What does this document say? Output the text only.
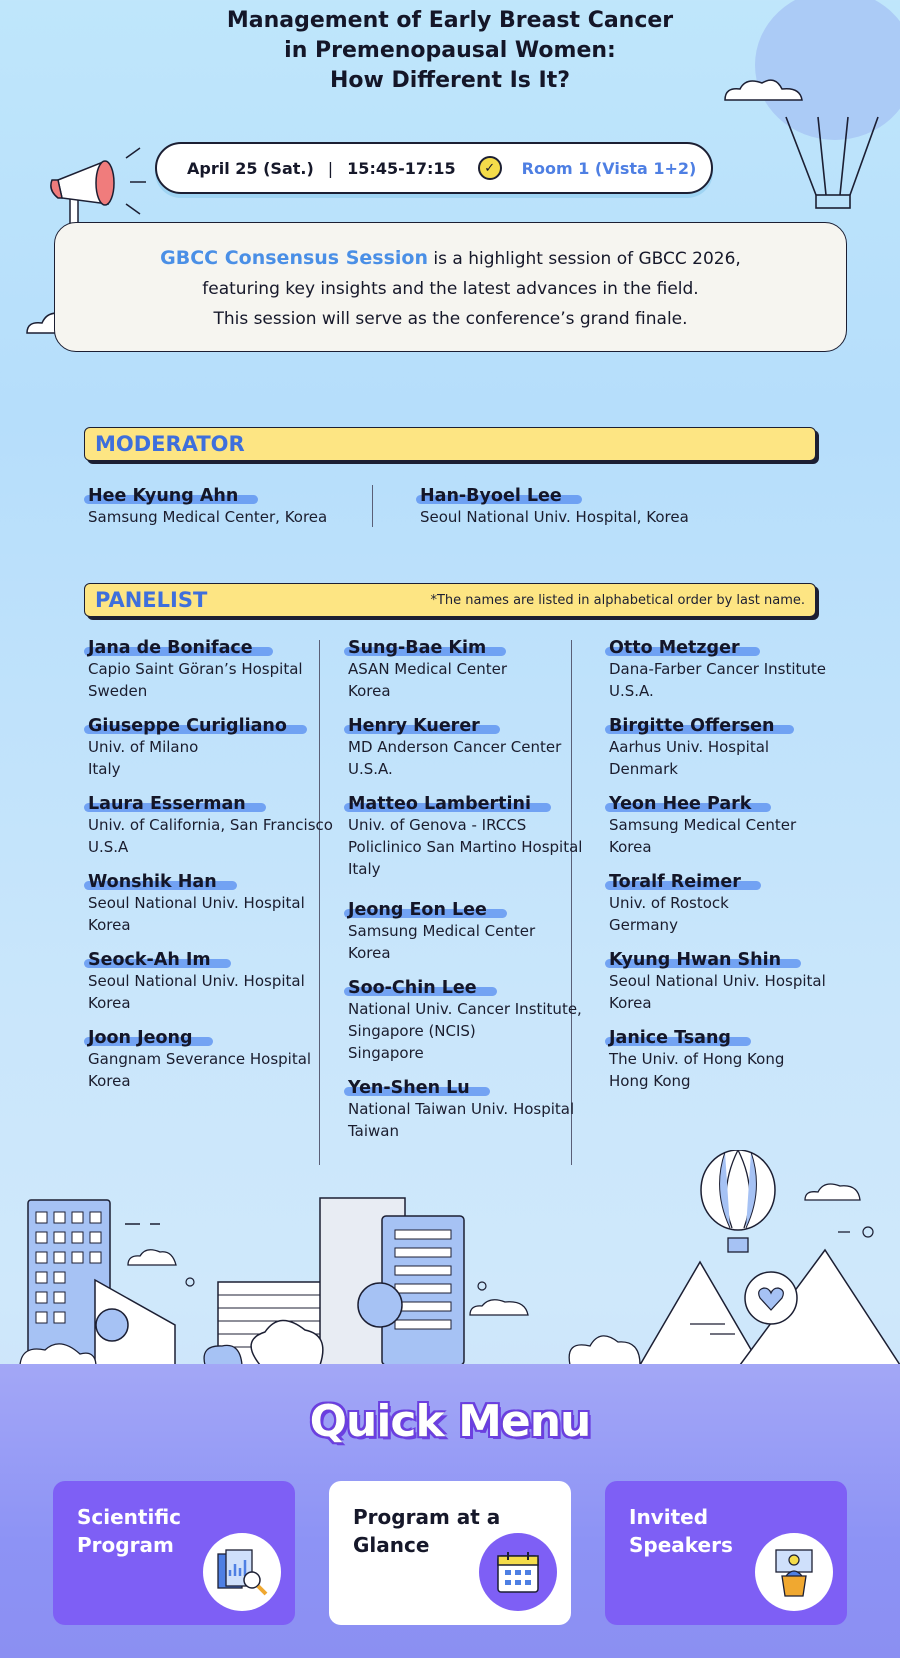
Management of Early Breast Cancer
in Premenopausal Women:
How Different Is It?
April 25 (Sat.) | 15:45-17:15	✓	Room 1 (Vista 1+2)
GBCC Consensus Session is a highlight session of GBCC 2026,
featuring key insights and the latest advances in the field.
This session will serve as the conference’s grand finale.
MODERATOR
Hee Kyung Ahn
Samsung Medical Center, Korea
Han-Byoel Lee
Seoul National Univ. Hospital, Korea
PANELIST	*The names are listed in alphabetical order by last name.
Jana de Boniface
Capio Saint Göran’s Hospital
Sweden
Giuseppe Curigliano
Univ. of Milano
Italy
Laura Esserman
Univ. of California, San Francisco
U.S.A
Wonshik Han
Seoul National Univ. Hospital
Korea
Seock-Ah Im
Seoul National Univ. Hospital
Korea
Joon Jeong
Gangnam Severance Hospital
Korea
Sung-Bae Kim
ASAN Medical Center
Korea
Henry Kuerer
MD Anderson Cancer Center
U.S.A.
Matteo Lambertini
Univ. of Genova - IRCCS
Policlinico San Martino Hospital
Italy
Jeong Eon Lee
Samsung Medical Center
Korea
Soo-Chin Lee
National Univ. Cancer Institute,
Singapore (NCIS)
Singapore
Yen-Shen Lu
National Taiwan Univ. Hospital
Taiwan
Otto Metzger
Dana-Farber Cancer Institute
U.S.A.
Birgitte Offersen
Aarhus Univ. Hospital
Denmark
Yeon Hee Park
Samsung Medical Center
Korea
Toralf Reimer
Univ. of Rostock
Germany
Kyung Hwan Shin
Seoul National Univ. Hospital
Korea
Janice Tsang
The Univ. of Hong Kong
Hong Kong
Quick Menu
Scientific
Program
Program at a
Glance
Invited
Speakers
